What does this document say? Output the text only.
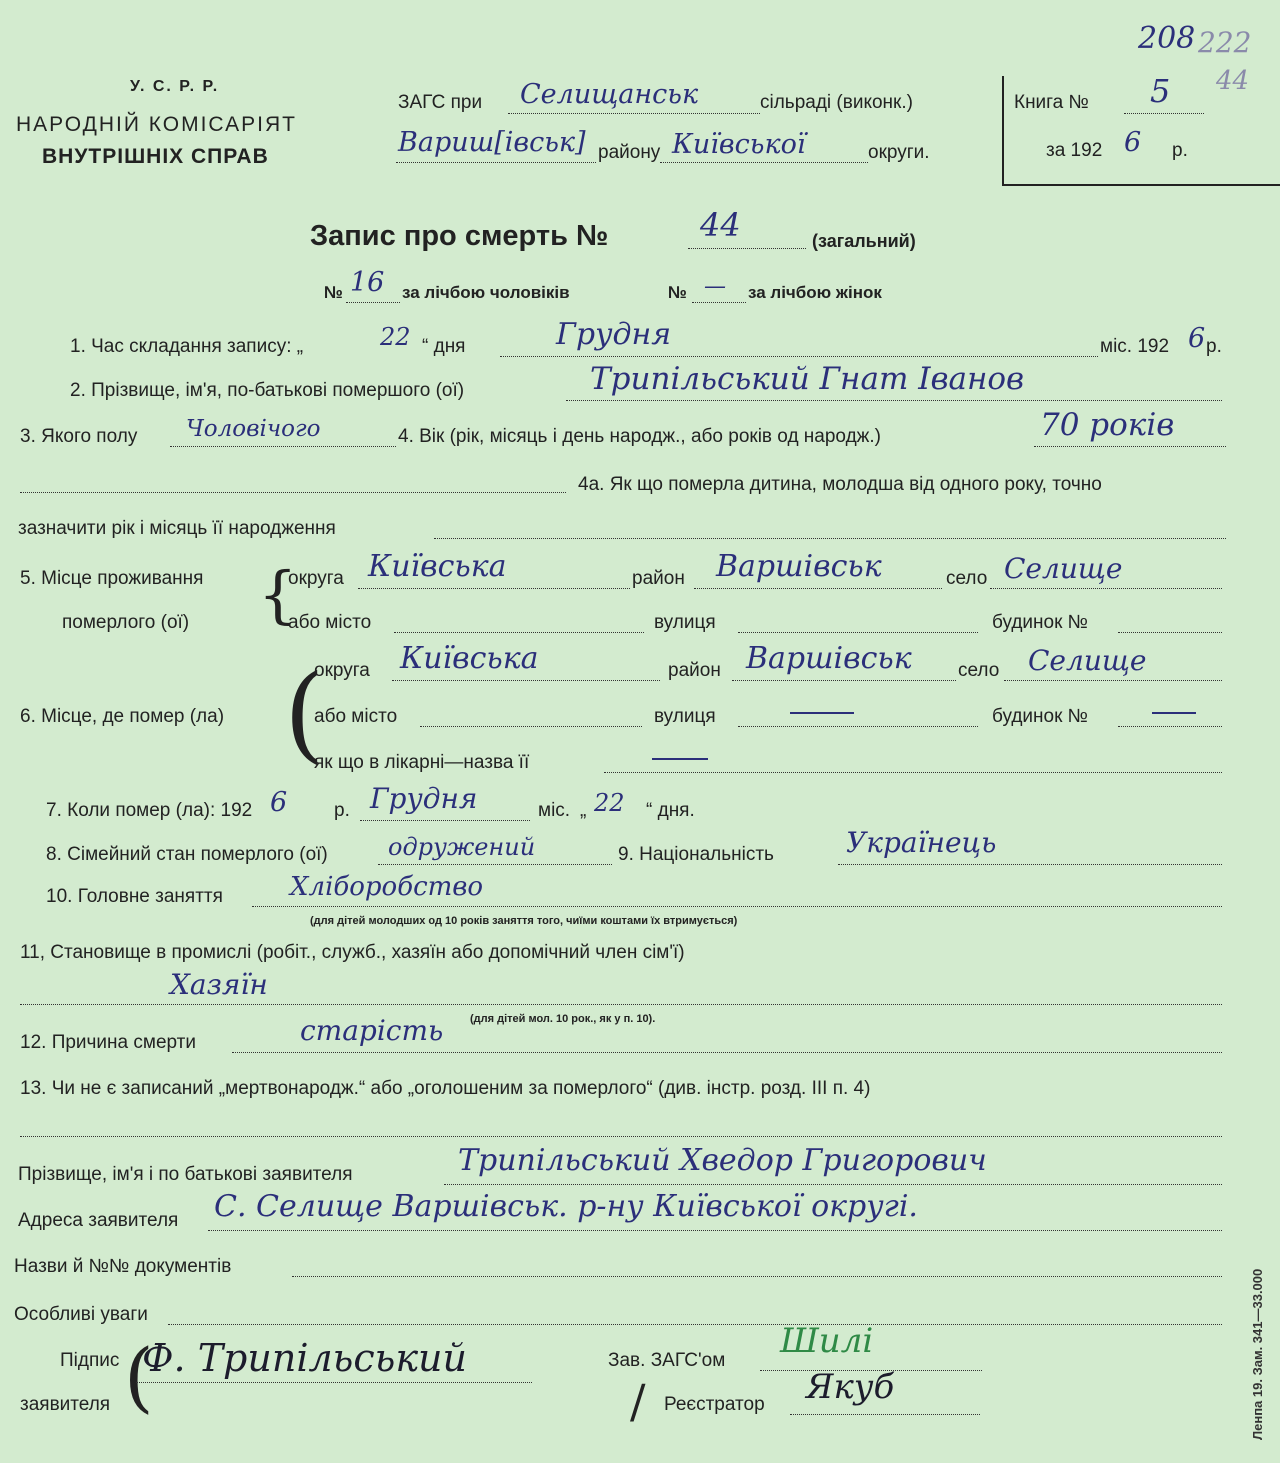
208 222
44
У. С. Р. Р.
НАРОДНІЙ КОМІСАРІЯТ
ВНУТРІШНІХ СПРАВ
ЗАГС при Селищанськ	сільраді (виконк.)
Вариш[івськ] району Київської	округи.
Книга № 5
за 192 6 р.
Запис про смерть №	44	(загальний)
№ 16 за лічбою чоловіків	№ — за лічбою жінок
1. Час складання запису: „	22 “ дня	Грудня	міс. 192 6 р.
2. Прізвище, ім'я, по-батькові помершого (ої)	Трипільський Гнат Іванов
3. Якого полу Чоловічого	4. Вік (рік, місяць і день народж., або років од народж.)	70 років
4а. Як що померла дитина, молодша від одного року, точно
зазначити рік і місяць її народження
5. Місце проживання
померлого (ої) {
округа Київська	район Варшівськ	село Селище
або місто	вулиця	будинок №
(
6. Місце, де помер (ла)
округа Київська	район Варшівськ село Селище
або місто	вулиця	будинок №
як що в лікарні—назва її
7. Коли помер (ла): 192 6 р. Грудня	міс. „ 22 “ дня.
8. Сімейний стан померлого (ої)	одружений	9. Національність	Українець
10. Головне заняття	Хліборобство
(для дітей молодших од 10 років заняття того, чиїми коштами їх втримується)
11, Становище в промислі (робіт., служб., хазяїн або допомічний член сім'ї)
Хазяїн
(для дітей мол. 10 рок., як у п. 10).
12. Причина смерти	старість
13. Чи не є записаний „мертвонародж.“ або „оголошеним за померлого“ (див. інстр. розд. III п. 4)
Прізвище, ім'я і по батькові заявителя	Трипільський Хведор Григорович
Адреса заявителя С. Селище Варшівськ. р-ну Київської округі.
Назви й №№ документів
Особливі уваги
Підпис
заявителя (
Ф. Трипільський	Зав. ЗАГС'ом Шилі
/ Реєстратор Якуб	Ленпа 19. Зам. 341—33.000
